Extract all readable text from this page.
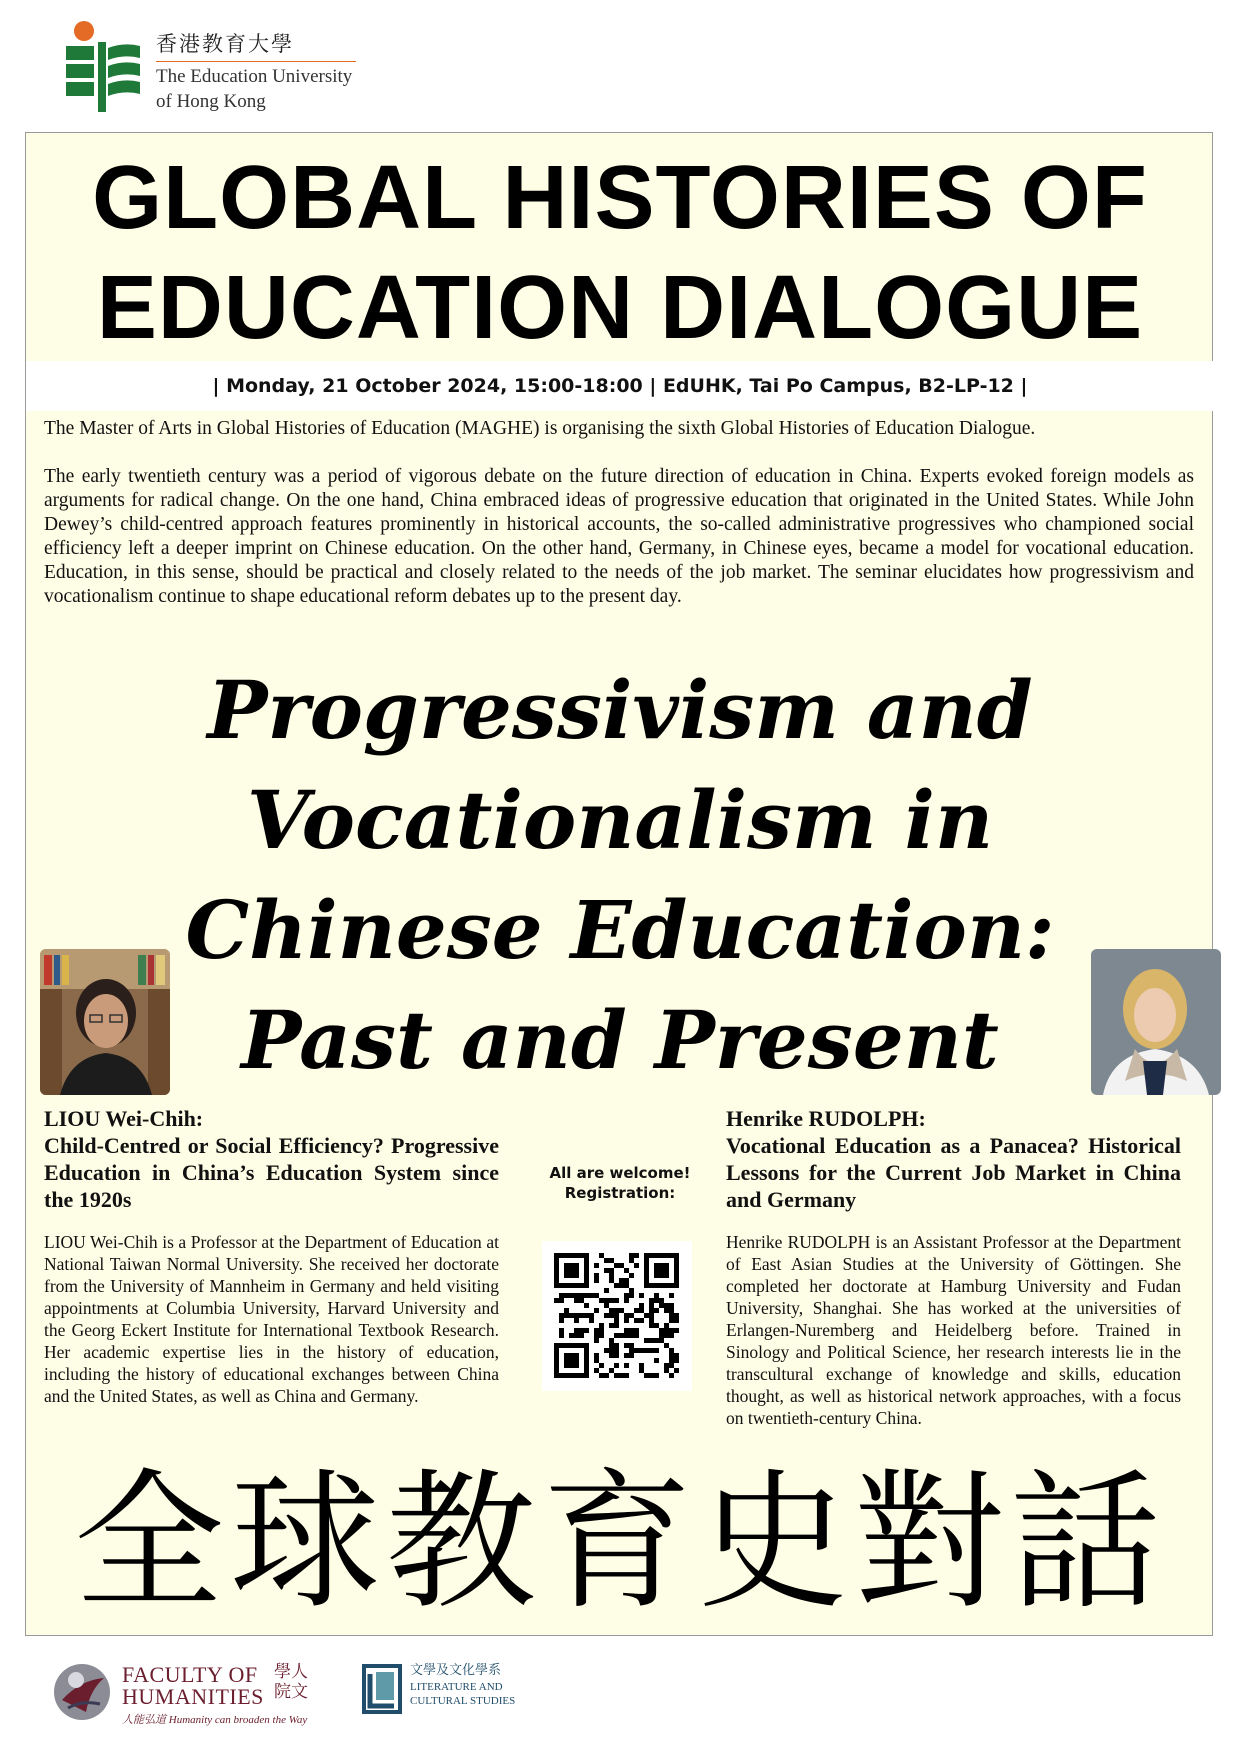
香港教育大學
The Education University
of Hong Kong
GLOBAL HISTORIES OF
EDUCATION DIALOGUE
| Monday, 21 October 2024, 15:00-18:00 | EdUHK, Tai Po Campus, B2-LP-12 |

The Master of Arts in Global Histories of Education (MAGHE) is organising the sixth Global Histories of Education Dialogue.

The early twentieth century was a period of vigorous debate on the future direction of education in China. Experts evoked foreign models as arguments for radical change. On the one hand, China embraced ideas of progressive education that originated in the United States. While John Dewey’s child-centred approach features prominently in historical accounts, the so-called administrative progressives who championed social efficiency left a deeper imprint on Chinese education. On the other hand, Germany, in Chinese eyes, became a model for vocational education. Education, in this sense, should be practical and closely related to the needs of the job market. The seminar elucidates how progressivism and vocationalism continue to shape educational reform debates up to the present day.

Progressivism and
Vocationalism in
Chinese Education:
Past and Present
LIOU Wei-Chih:
Child-Centred or Social Efficiency? Progressive Education in China’s Education System since the 1920s
All are welcome!
Registration:
Henrike RUDOLPH:
Vocational Education as a Panacea? Historical Lessons for the Current Job Market in China and Germany
LIOU Wei-Chih is a Professor at the Department of Education at National Taiwan Normal University. She received her doctorate from the University of Mannheim in Germany and held visiting appointments at Columbia University, Harvard University and the Georg Eckert Institute for International Textbook Research. Her academic expertise lies in the history of education, including the history of educational exchanges between China and the United States, as well as China and Germany.
Henrike RUDOLPH is an Assistant Professor at the Department of East Asian Studies at the University of Göttingen. She completed her doctorate at Hamburg University and Fudan University, Shanghai. She has worked at the universities of Erlangen-Nuremberg and Heidelberg before. Trained in Sinology and Political Science, her research interests lie in the transcultural exchange of knowledge and skills, education thought, as well as historical network approaches, with a focus on twentieth-century China.
全球教育史對話
FACULTY OF
HUMANITIES
人能弘道 Humanity can broaden the Way
學人院文
文學及文化學系
LITERATURE AND
CULTURAL STUDIES
